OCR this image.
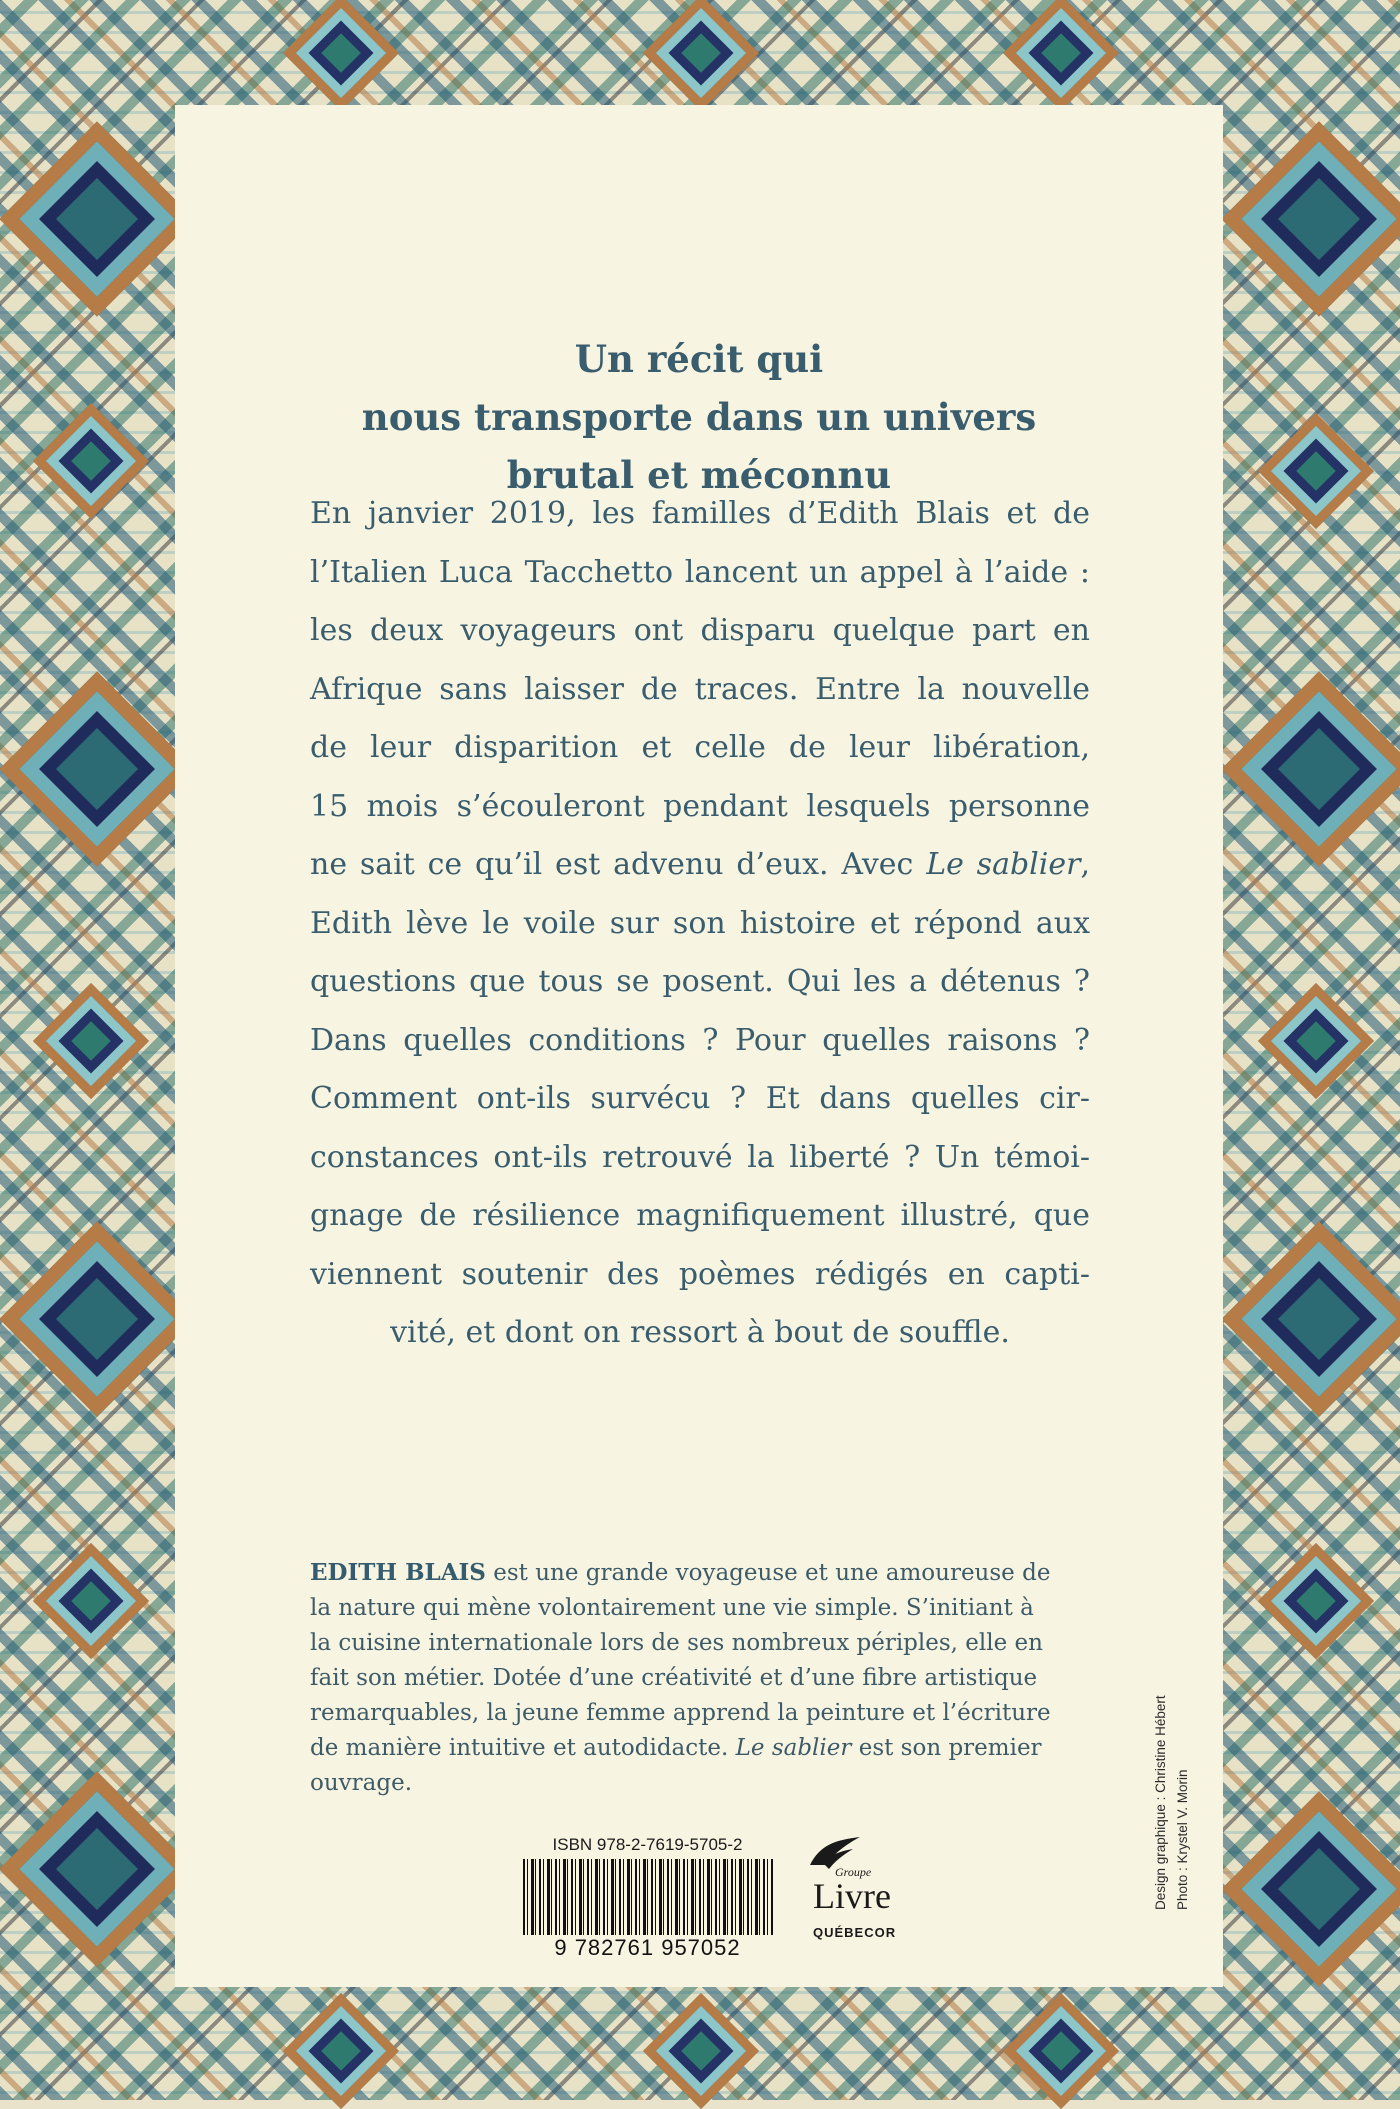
Un récit qui
nous transporte dans un univers
brutal et méconnu
En janvier 2019, les familles d’Edith Blais et de
l’Italien Luca Tacchetto lancent un appel à l’aide :
les deux voyageurs ont disparu quelque part en
Afrique sans laisser de traces. Entre la nouvelle
de leur disparition et celle de leur libération,
15 mois s’écouleront pendant lesquels personne
ne sait ce qu’il est advenu d’eux. Avec Le sablier,
Edith lève le voile sur son histoire et répond aux
questions que tous se posent. Qui les a détenus ?
Dans quelles conditions ? Pour quelles raisons ?
Comment ont-ils survécu ? Et dans quelles cir-
constances ont-ils retrouvé la liberté ? Un témoi-
gnage de résilience magnifiquement illustré, que
viennent soutenir des poèmes rédigés en capti-
vité, et dont on ressort à bout de souffle.
EDITH BLAIS est une grande voyageuse et une amoureuse de
la nature qui mène volontairement une vie simple. S’initiant à
la cuisine internationale lors de ses nombreux périples, elle en
fait son métier. Dotée d’une créativité et d’une fibre artistique
remarquables, la jeune femme apprend la peinture et l’écriture
de manière intuitive et autodidacte. Le sablier est son premier
ouvrage.
ISBN 978-2-7619-5705-2
9 782761 957052
Groupe
Livre
QUÉBECOR
Design graphique : Christine Hébert Photo : Krystel V. Morin
